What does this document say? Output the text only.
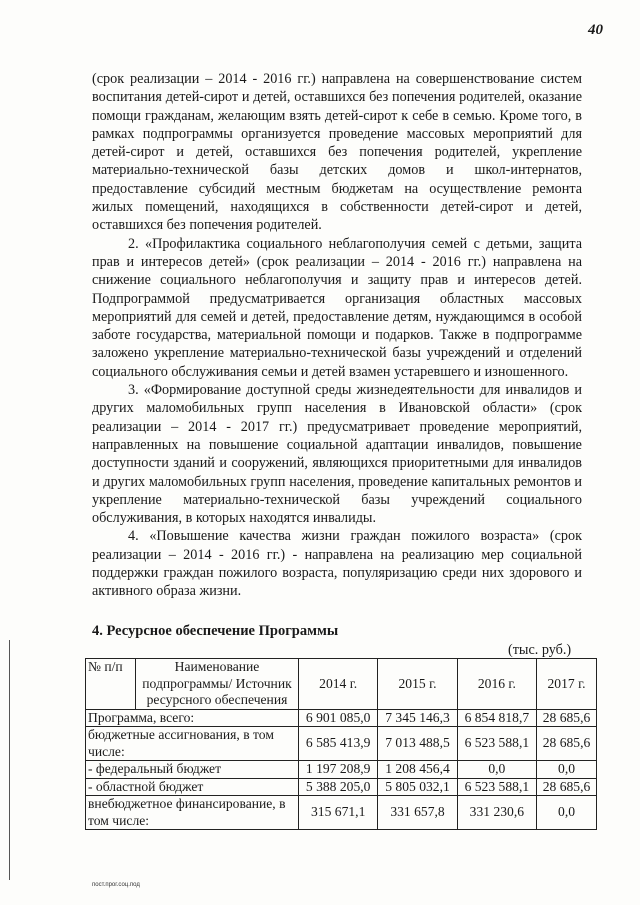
40

(срок реализации – 2014 - 2016 гг.) направлена на совершенствование систем воспитания детей-сирот и детей, оставшихся без попечения родителей, оказание помощи гражданам, желающим взять детей-сирот к себе в семью. Кроме того, в рамках подпрограммы организуется проведение массовых мероприятий для детей-сирот и детей, оставшихся без попечения родителей, укрепление материально-технической базы детских домов и школ-интернатов, предоставление субсидий местным бюджетам на осуществление ремонта жилых помещений, находящихся в собственности детей-сирот и детей, оставшихся без попечения родителей.

2. «Профилактика социального неблагополучия семей с детьми, защита прав и интересов детей» (срок реализации – 2014 - 2016 гг.) направлена на снижение социального неблагополучия и защиту прав и интересов детей. Подпрограммой предусматривается организация областных массовых мероприятий для семей и детей, предоставление детям, нуждающимся в особой заботе государства, материальной помощи и подарков. Также в подпрограмме заложено укрепление материально-технической базы учреждений и отделений социального обслуживания семьи и детей взамен устаревшего и изношенного.

3. «Формирование доступной среды жизнедеятельности для инвалидов и других маломобильных групп населения в Ивановской области» (срок реализации – 2014 - 2017 гг.) предусматривает проведение мероприятий, направленных на повышение социальной адаптации инвалидов, повышение доступности зданий и сооружений, являющихся приоритетными для инвалидов и других маломобильных групп населения, проведение капитальных ремонтов и укрепление материально-технической базы учреждений социального обслуживания, в которых находятся инвалиды.

4. «Повышение качества жизни граждан пожилого возраста» (срок реализации – 2014 - 2016 гг.) - направлена на реализацию мер социальной поддержки граждан пожилого возраста, популяризацию среди них здорового и активного образа жизни.

4. Ресурсное обеспечение Программы
(тыс. руб.)
№ п/п	Наименование подпрограммы/ Источник ресурсного обеспечения	2014 г.	2015 г.	2016 г.	2017 г.
Программа, всего:		6 901 085,0	7 345 146,3	6 854 818,7	28 685,6
бюджетные ассигнования, в том числе:		6 585 413,9	7 013 488,5	6 523 588,1	28 685,6
- федеральный бюджет		1 197 208,9	1 208 456,4	0,0	0,0
- областной бюджет		5 388 205,0	5 805 032,1	6 523 588,1	28 685,6
внебюджетное финансирование, в том числе:		315 671,1	331 657,8	331 230,6	0,0
пост.прог.соц.под
